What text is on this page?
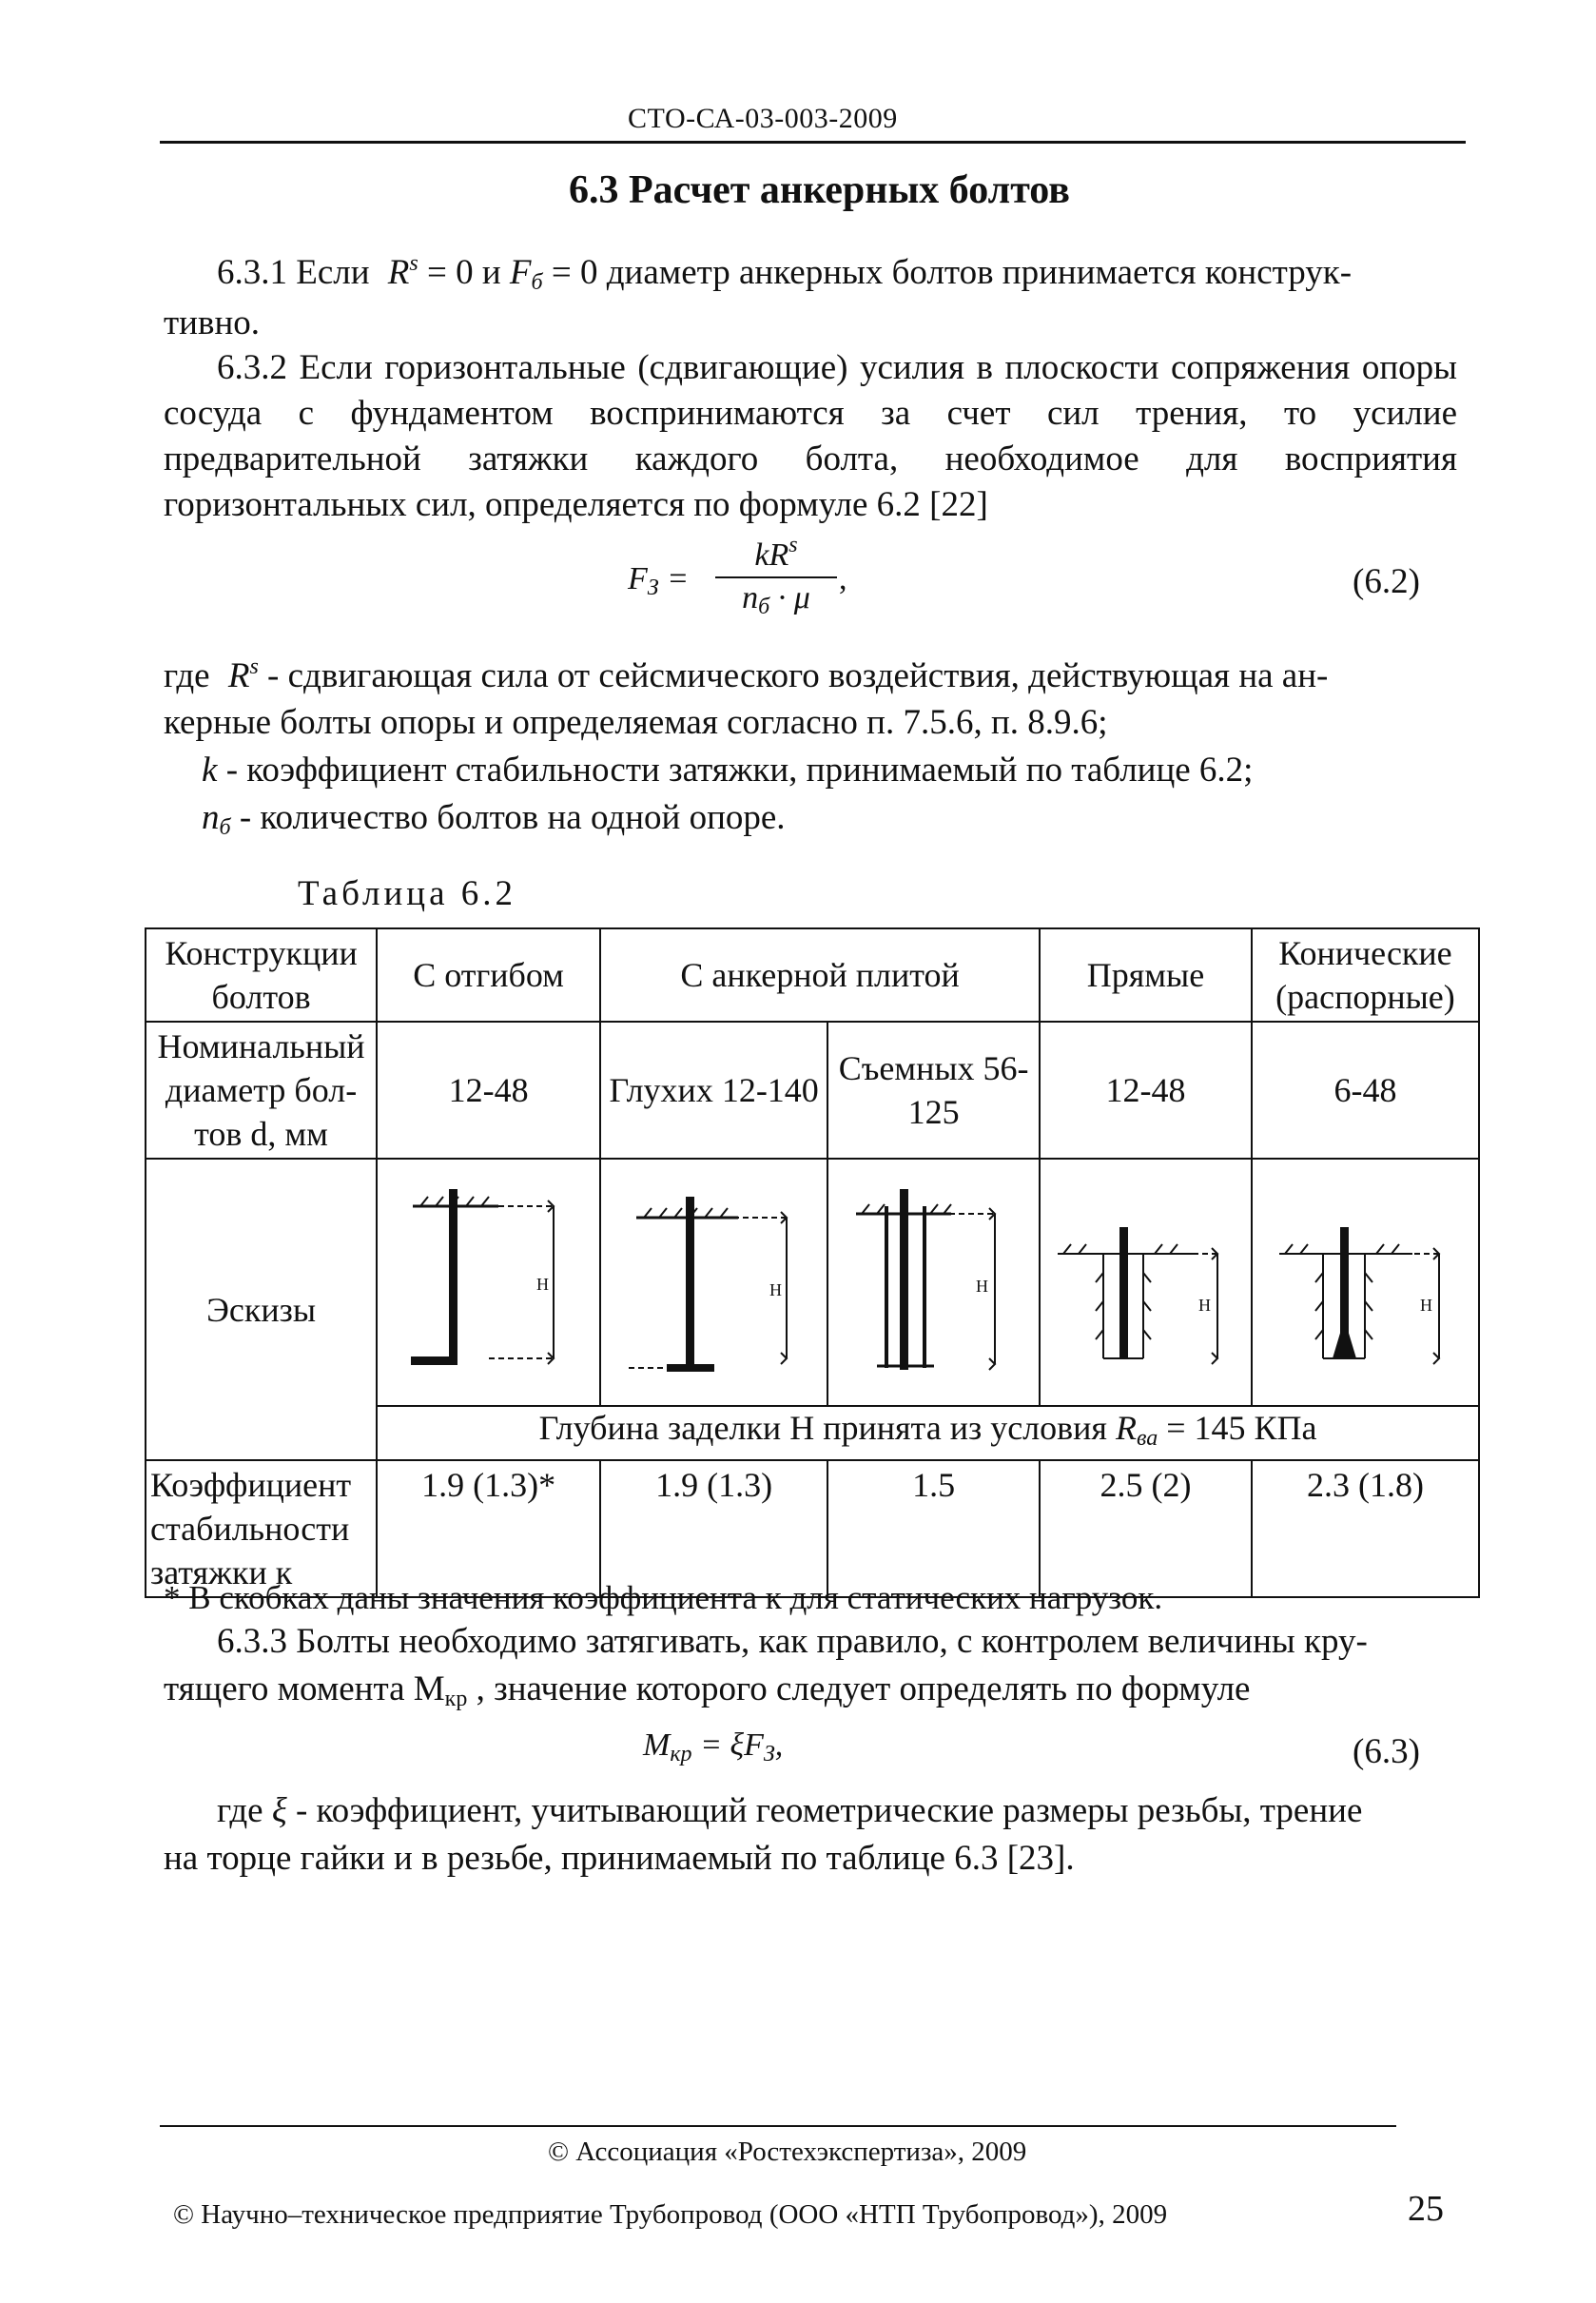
СТО-СА-03-003-2009
6.3 Расчет анкерных болтов
6.3.1 Если $R^s = 0$ и $F_б = 0$ диаметр анкерных болтов принимается конструк-
тивно.
6.3.2 Если горизонтальные (сдвигающие) усилия в плоскости сопряжения опоры сосуда с фундаментом воспринимаются за счет сил трения, то усилие предварительной затяжки каждого болта, необходимое для восприятия горизонтальных сил, определяется по формуле 6.2 [22]
$F_З$ =
$kR^s$
$n_б \cdot \mu$
,	(6.2)
где $R^s$ - сдвигающая сила от сейсмического воздействия, действующая на ан-
керные болты опоры и определяемая согласно п. 7.5.6, п. 8.9.6;
k - коэффициент стабильности затяжки, принимаемый по таблице 6.2;
$n_б$ - количество болтов на одной опоре.
Таблица 6.2
Конструкции болтов	С отгибом	С анкерной плитой		Прямые	Конические (распорные)
Номинальный диаметр бол-тов d, мм	12-48	Глухих 12-140	Съемных 56-125	12-48	6-48
Эскизы	H	H	H	H	H

	Глубина заделки Н принята из условия $R_{ва} = 145$ КПа				
Коэффициент стабильности затяжки к	1.9 (1.3)*	1.9 (1.3)	1.5	2.5 (2)	2.3 (1.8)
* В скобках даны значения коэффициента к для статических нагрузок.
6.3.3 Болты необходимо затягивать, как правило, с контролем величины кру-
тящего момента $М_{кр}$ , значение которого следует определять по формуле
$M_{кр} = \xi F_З$,	(6.3)
где ξ - коэффициент, учитывающий геометрические размеры резьбы, трение
на торце гайки и в резьбе, принимаемый по таблице 6.3 [23].
© Ассоциация «Ростехэкспертиза», 2009
© Научно–техническое предприятие Трубопровод (ООО «НТП Трубопровод»), 2009	25
